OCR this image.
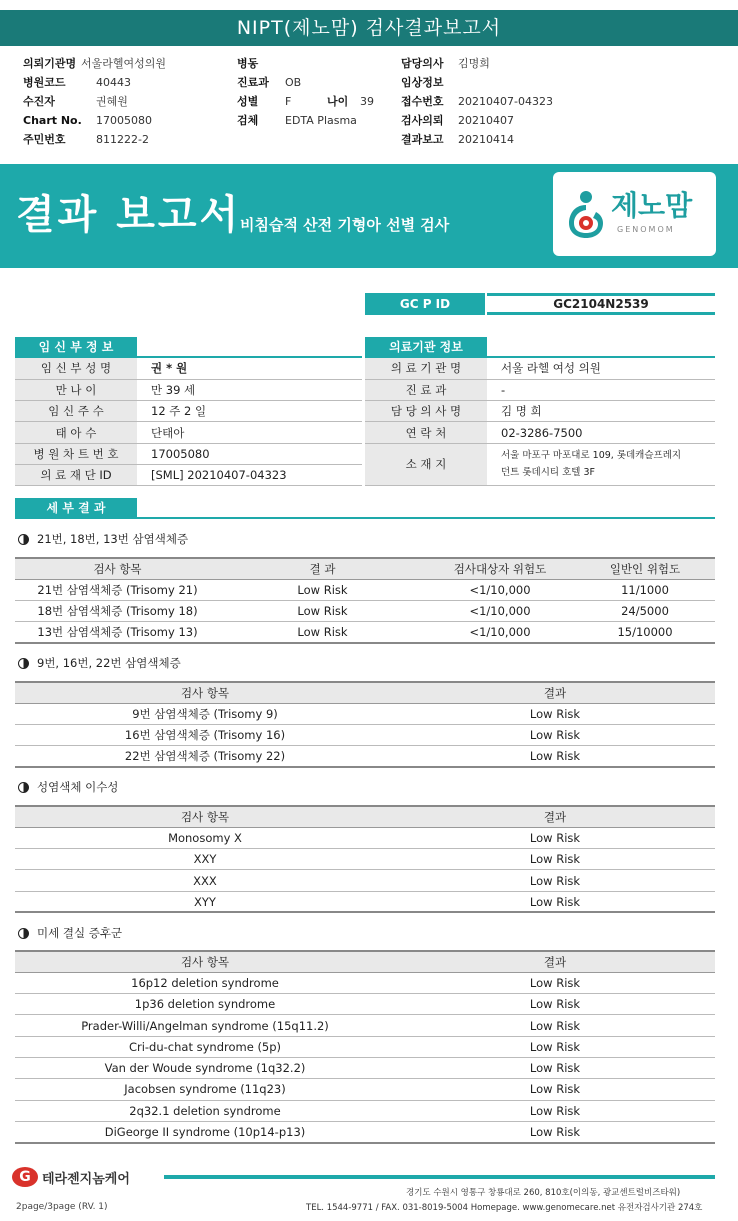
NIPT(제노맘) 검사결과보고서
의뢰기관명 서울라헬여성의원
병원코드	40443
수진자	권혜원
Chart No.	17005080
주민번호	811222-2
병동
진료과	OB
성별	F	나이	39
검체	EDTA Plasma
담당의사	김명희
임상정보
접수번호	20210407-04323
검사의뢰	20210407
결과보고	20210414
결과 보고서
비침습적 산전 기형아 선별 검사
제노맘
GENOMOM
GC P ID	GC2104N2539
임 신 부 정 보
임 신 부 성 명	권 * 원
만 나 이	만 39 세
임 신 주 수	12 주 2 일
태 아 수	단태아
병 원 차 트 번 호	17005080
의 료 재 단 ID	[SML] 20210407-04323
의료기관 정보
의 료 기 관 명	서울 라헬 여성 의원
진 료 과	-
담 당 의 사 명	김 명 희
연 락 처	02-3286-7500
소 재 지	서울 마포구 마포대로 109, 롯데캐슬프레지
던트 롯데시티 호텔 3F
세 부 결 과
21번, 18번, 13번 삼염색체증
검사 항목	결 과	검사대상자 위험도	일반인 위험도
21번 삼염색체증 (Trisomy 21)	Low Risk	<1/10,000	11/1000
18번 삼염색체증 (Trisomy 18)	Low Risk	<1/10,000	24/5000
13번 삼염색체증 (Trisomy 13)	Low Risk	<1/10,000	15/10000
9번, 16번, 22번 삼염색체증
검사 항목	결과
9번 삼염색체증 (Trisomy 9)	Low Risk
16번 삼염색체증 (Trisomy 16)	Low Risk
22번 삼염색체증 (Trisomy 22)	Low Risk
성염색체 이수성
검사 항목	결과
Monosomy X	Low Risk
XXY	Low Risk
XXX	Low Risk
XYY	Low Risk
미세 결실 증후군
검사 항목	결과
16p12 deletion syndrome	Low Risk
1p36 deletion syndrome	Low Risk
Prader-Willi/Angelman syndrome (15q11.2)	Low Risk
Cri-du-chat syndrome (5p)	Low Risk
Van der Woude syndrome (1q32.2)	Low Risk
Jacobsen syndrome (11q23)	Low Risk
2q32.1 deletion syndrome	Low Risk
DiGeorge II syndrome (10p14-p13)	Low Risk
G 테라젠지놈케어
경기도 수원시 영통구 창룡대로 260, 810호(이의동, 광교센트럴비즈타워)
TEL. 1544-9771 / FAX. 031-8019-5004 Homepage. www.genomecare.net 유전자검사기관 274호
2page/3page (RV. 1)
